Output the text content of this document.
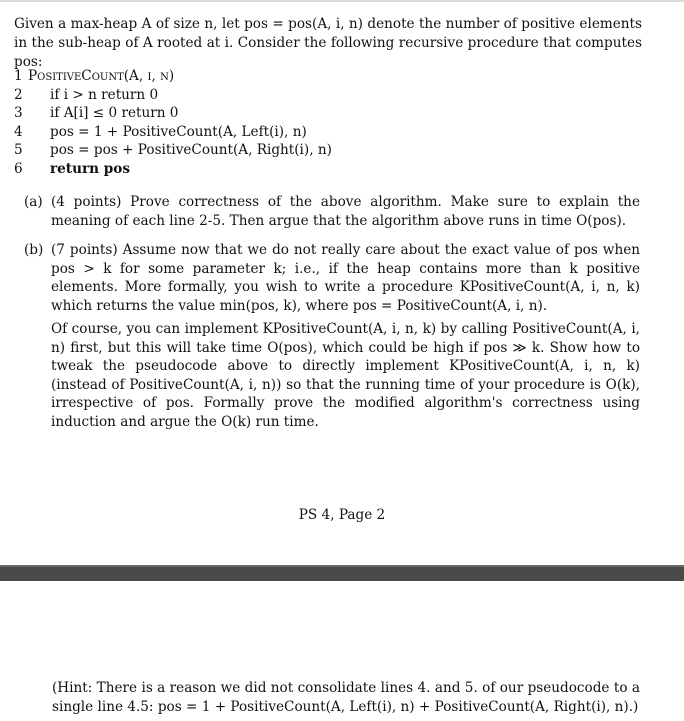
Given a max-heap A of size n, let pos = pos(A, i, n) denote the number of positive elements in the sub-heap of A rooted at i. Consider the following recursive procedure that computes pos:
1 PositiveCount(A, i, n)
2	if i > n return 0
3	if A[i] ≤ 0 return 0
4	pos = 1 + PositiveCount(A, Left(i), n)
5	pos = pos + PositiveCount(A, Right(i), n)
6	return pos
(a) (4 points) Prove correctness of the above algorithm. Make sure to explain the meaning of each line 2-5. Then argue that the algorithm above runs in time O(pos).
(b) (7 points) Assume now that we do not really care about the exact value of pos when pos > k for some parameter k; i.e., if the heap contains more than k positive elements. More formally, you wish to write a procedure KPositiveCount(A, i, n, k) which returns the value min(pos, k), where pos = PositiveCount(A, i, n).
Of course, you can implement KPositiveCount(A, i, n, k) by calling PositiveCount(A, i, n) first, but this will take time O(pos), which could be high if pos ≫ k. Show how to tweak the pseudocode above to directly implement KPositiveCount(A, i, n, k) (instead of PositiveCount(A, i, n)) so that the running time of your procedure is O(k), irrespective of pos. Formally prove the modified algorithm's correctness using induction and argue the O(k) run time.
PS 4, Page 2
(Hint: There is a reason we did not consolidate lines 4. and 5. of our pseudocode to a single line 4.5: pos = 1 + PositiveCount(A, Left(i), n) + PositiveCount(A, Right(i), n).)
